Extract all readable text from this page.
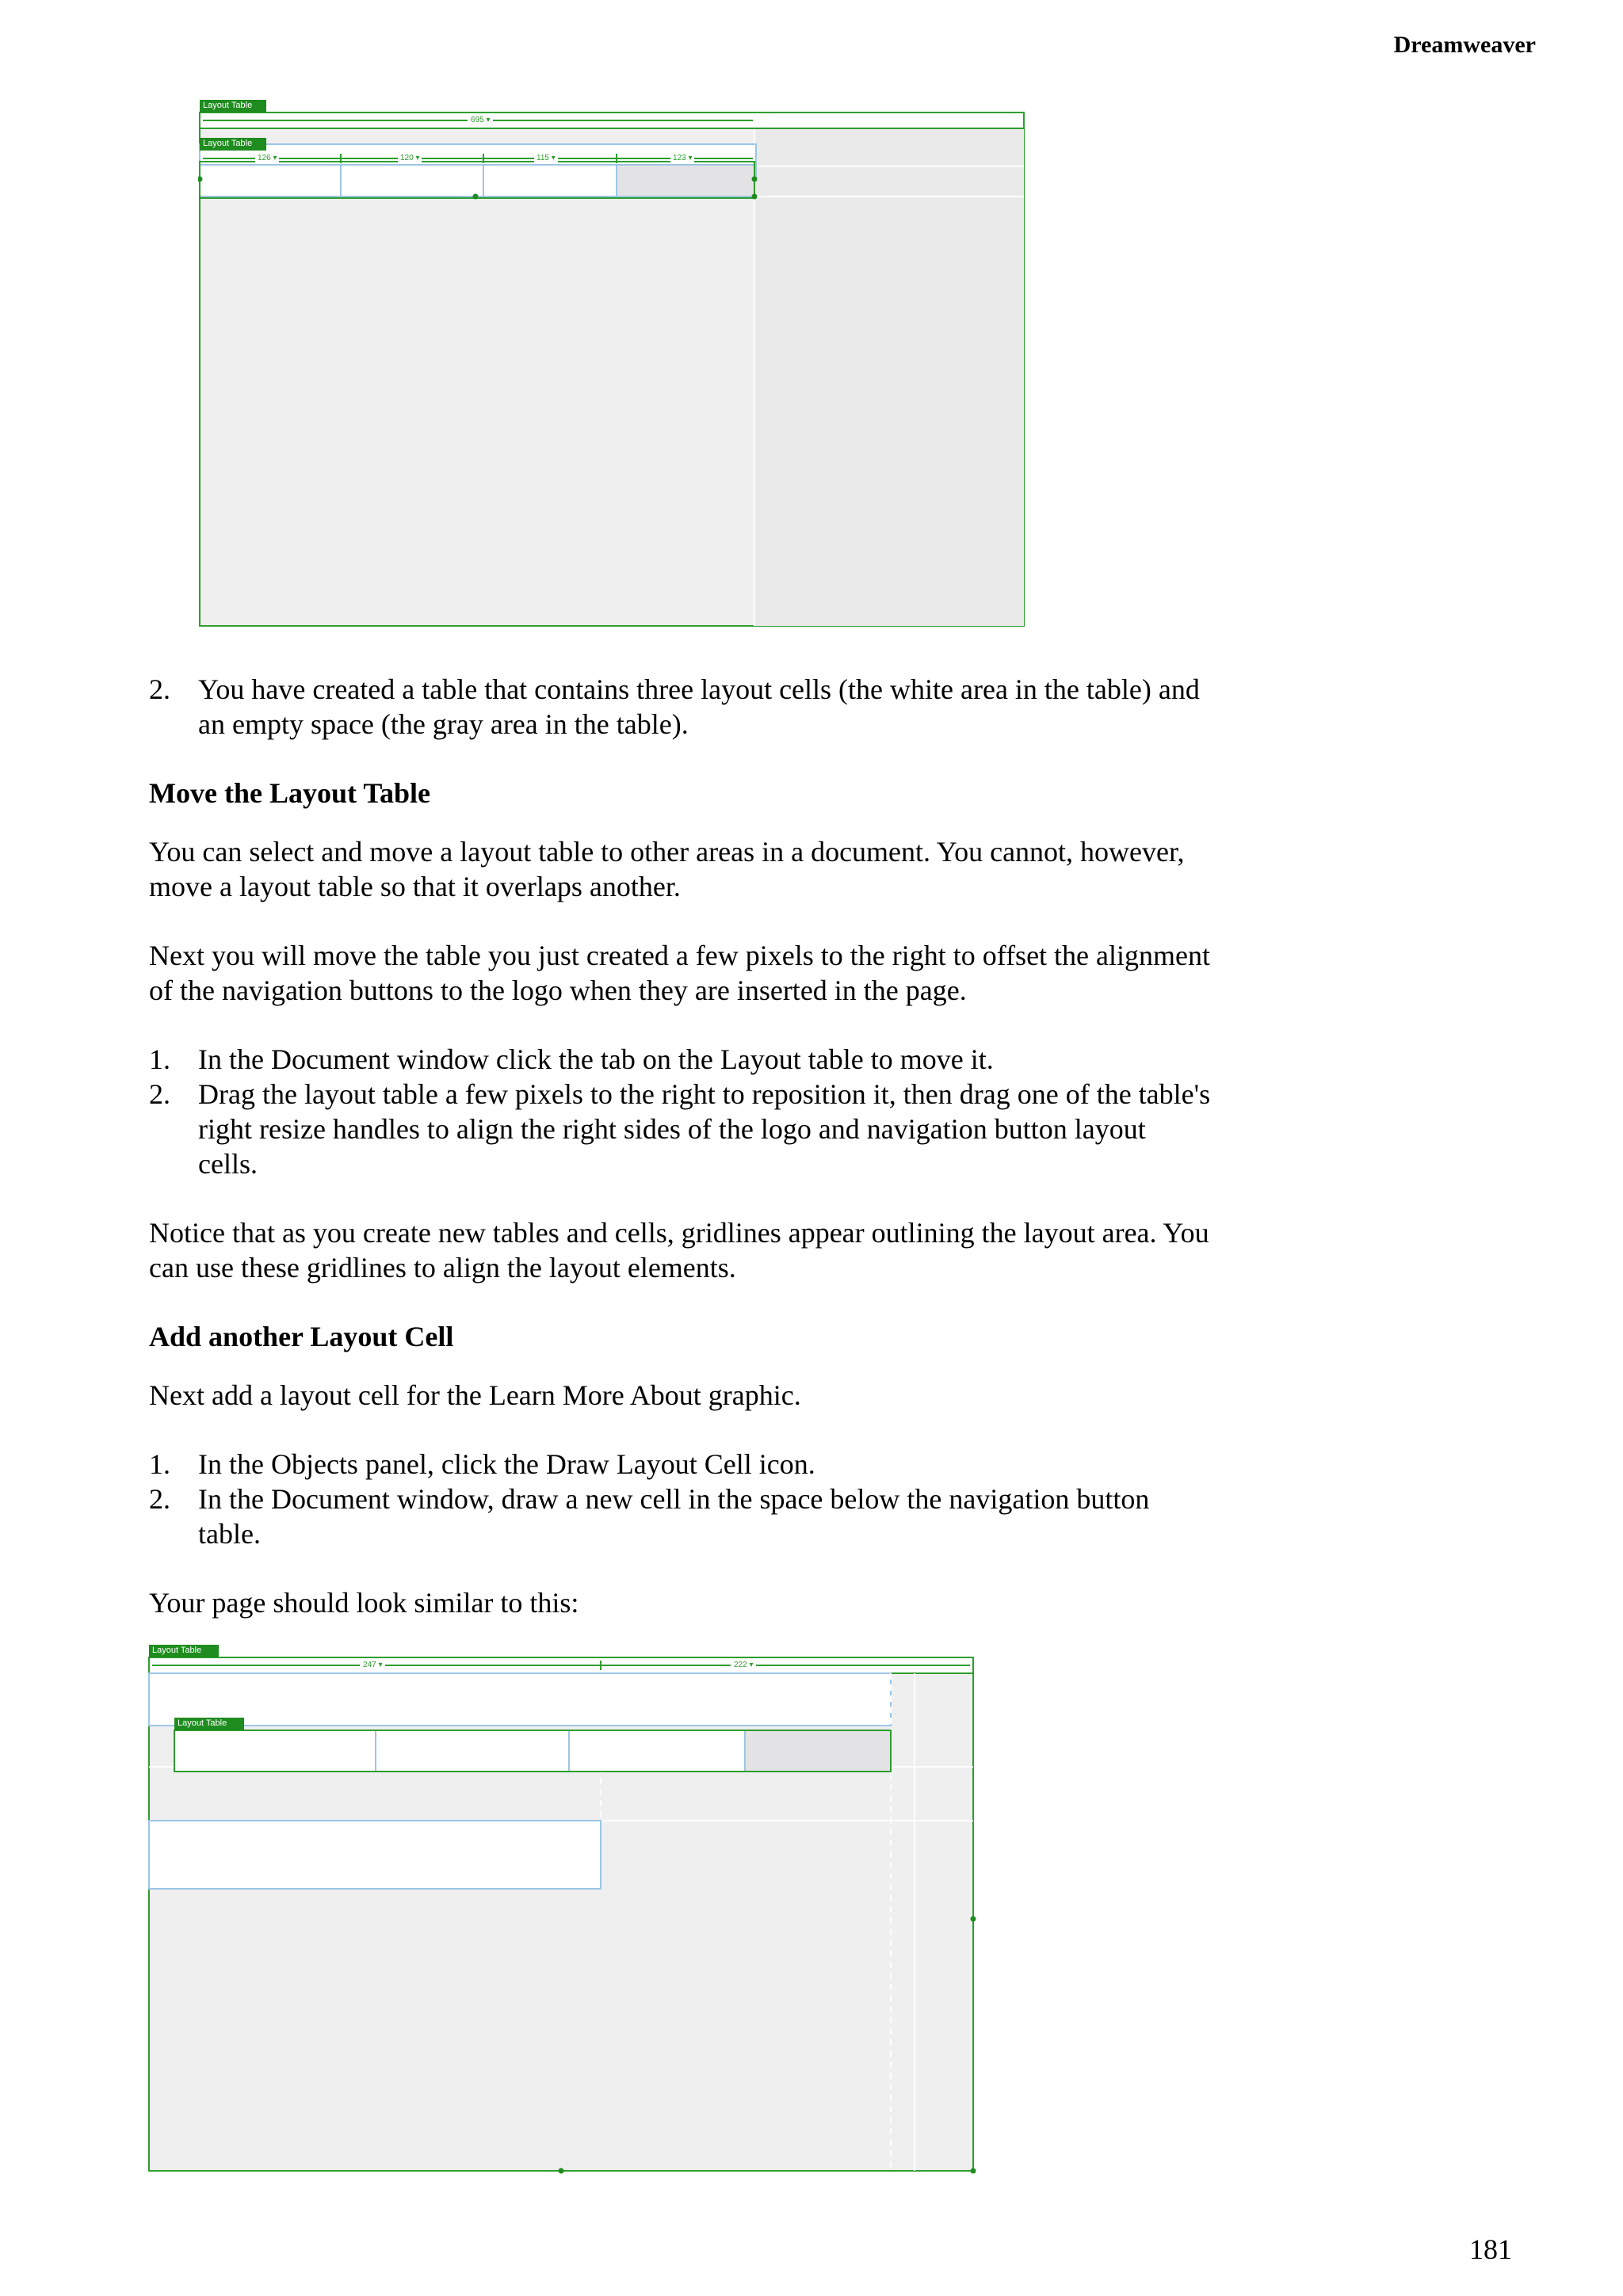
Dreamweaver
Layout Table
Layout Table
695 ▾
126 ▾	120 ▾	115 ▾	123 ▾
2. You have created a table that contains three layout cells (the white area in the table) and an empty space (the gray area in the table).
Move the Layout Table

You can select and move a layout table to other areas in a document. You cannot, however, move a layout table so that it overlaps another.

Next you will move the table you just created a few pixels to the right to offset the alignment of the navigation buttons to the logo when they are inserted in the page.

1. In the Document window click the tab on the Layout table to move it.
2. Drag the layout table a few pixels to the right to reposition it, then drag one of the table's right resize handles to align the right sides of the logo and navigation button layout cells.

Notice that as you create new tables and cells, gridlines appear outlining the layout area. You can use these gridlines to align the layout elements.

Add another Layout Cell

Next add a layout cell for the Learn More About graphic.

1. In the Objects panel, click the Draw Layout Cell icon.
2. In the Document window, draw a new cell in the space below the navigation button table.

Your page should look similar to this:

Layout Table
Layout Table
247 ▾	222 ▾
181
